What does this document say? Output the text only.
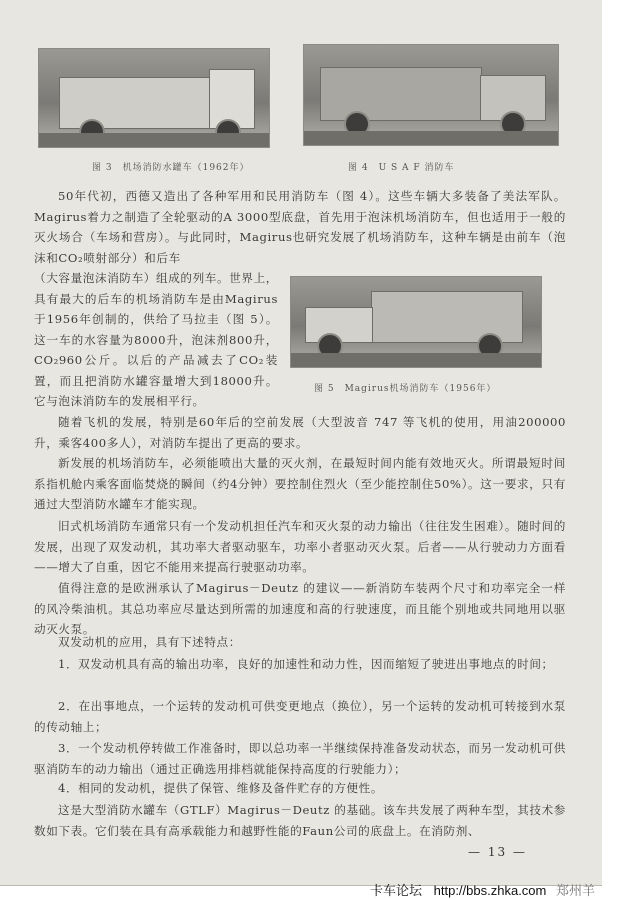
图 3　机场消防水罐车（1962年）	图 4　U S A F 消防车
图 5　Magirus机场消防车（1956年）

50年代初，西德又造出了各种军用和民用消防车（图 4）。这些车辆大多装备了美法军队。Magirus着力之制造了全轮驱动的A 3000型底盘，首先用于泡沫机场消防车，但也适用于一般的灭火场合（车场和营房）。与此同时，Magirus也研究发展了机场消防车，这种车辆是由前车（泡沫和CO₂喷射部分）和后车

（大容量泡沫消防车）组成的列车。世界上，具有最大的后车的机场消防车是由Magirus于1956年创制的，供给了马拉圭（图 5）。这一车的水容量为8000升，泡沫剂800升，CO₂960公斤。以后的产品减去了CO₂装置，而且把消防水罐容量增大到18000升。它与泡沫消防车的发展相平行。

随着飞机的发展，特别是60年后的空前发展（大型波音 747 等飞机的使用，用油200000升，乘客400多人），对消防车提出了更高的要求。

新发展的机场消防车，必须能喷出大量的灭火剂，在最短时间内能有效地灭火。所谓最短时间系指机舱内乘客面临焚烧的瞬间（约4分钟）要控制住烈火（至少能控制住50%）。这一要求，只有通过大型消防水罐车才能实现。

旧式机场消防车通常只有一个发动机担任汽车和灭火泵的动力输出（往往发生困难）。随时间的发展，出现了双发动机，其功率大者驱动驱车，功率小者驱动灭火泵。后者——从行驶动力方面看——增大了自重，因它不能用来提高行驶驱动功率。

值得注意的是欧洲承认了Magirus－Deutz 的建议——新消防车装两个尺寸和功率完全一样的风冷柴油机。其总功率应尽量达到所需的加速度和高的行驶速度，而且能个别地或共同地用以驱动灭火泵。

双发动机的应用，具有下述特点：

1．双发动机具有高的输出功率，良好的加速性和动力性，因而缩短了驶进出事地点的时间；

2．在出事地点，一个运转的发动机可供变更地点（换位），另一个运转的发动机可转接到水泵的传动轴上；

3．一个发动机停转做工作准备时，即以总功率一半继续保持准备发动状态，而另一发动机可供驱消防车的动力输出（通过正确选用排档就能保持高度的行驶能力）；

4．相同的发动机，提供了保管、维修及备件贮存的方便性。

这是大型消防水罐车（GTLF）Magirus－Deutz 的基础。该车共发展了两种车型，其技术参数如下表。它们装在具有高承载能力和越野性能的Faun公司的底盘上。在消防剂、

— 13 —
卡车论坛 http://bbs.zhka.com 郑州羊
